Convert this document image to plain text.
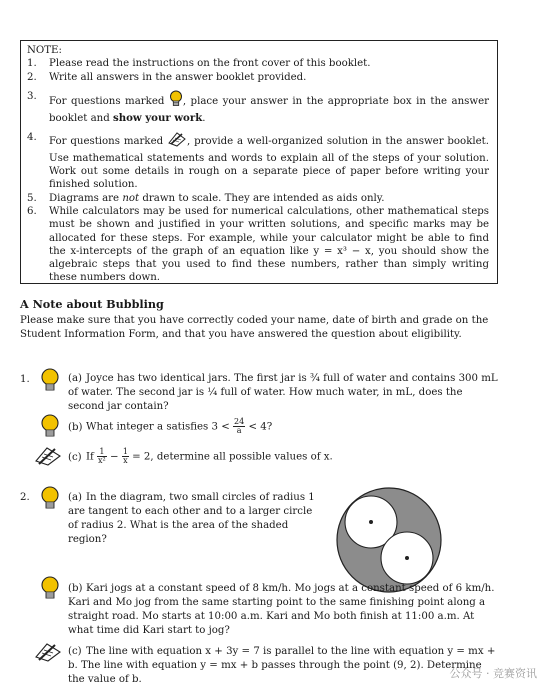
NOTE:
1.	Please read the instructions on the front cover of this booklet.
2.	Write all answers in the answer booklet provided.
3.	For questions marked , place your answer in the appropriate box in the answer booklet and show your work.
4.	For questions marked , provide a well-organized solution in the answer booklet. Use mathematical statements and words to explain all of the steps of your solution. Work out some details in rough on a separate piece of paper before writing your finished solution.
5.	Diagrams are not drawn to scale. They are intended as aids only.
6.	While calculators may be used for numerical calculations, other mathematical steps must be shown and justified in your written solutions, and specific marks may be allocated for these steps. For example, while your calculator might be able to find the x-intercepts of the graph of an equation like y = x³ − x, you should show the algebraic steps that you used to find these numbers, rather than simply writing these numbers down.
A Note about Bubbling
Please make sure that you have correctly coded your name, date of birth and grade on the Student Information Form, and that you have answered the question about eligibility.
1.	(a) Joyce has two identical jars. The first jar is ¾ full of water and contains 300 mL of water. The second jar is ¼ full of water. How much water, in mL, does the second jar contain?
(b) What integer a satisfies $3 < \frac{24}{a} < 4$?
(c) If $\frac{1}{\text{x²}} - \frac{1}{x} = 2$, determine all possible values of x.
2.	(a) In the diagram, two small circles of radius 1 are tangent to each other and to a larger circle of radius 2. What is the area of the shaded region?
(b) Kari jogs at a constant speed of 8 km/h. Mo jogs at a constant speed of 6 km/h. Kari and Mo jog from the same starting point to the same finishing point along a straight road. Mo starts at 10:00 a.m. Kari and Mo both finish at 11:00 a.m. At what time did Kari start to jog?
(c) The line with equation x + 3y = 7 is parallel to the line with equation y = mx + b. The line with equation y = mx + b passes through the point (9, 2). Determine the value of b.	公众号 · 竞赛资讯
